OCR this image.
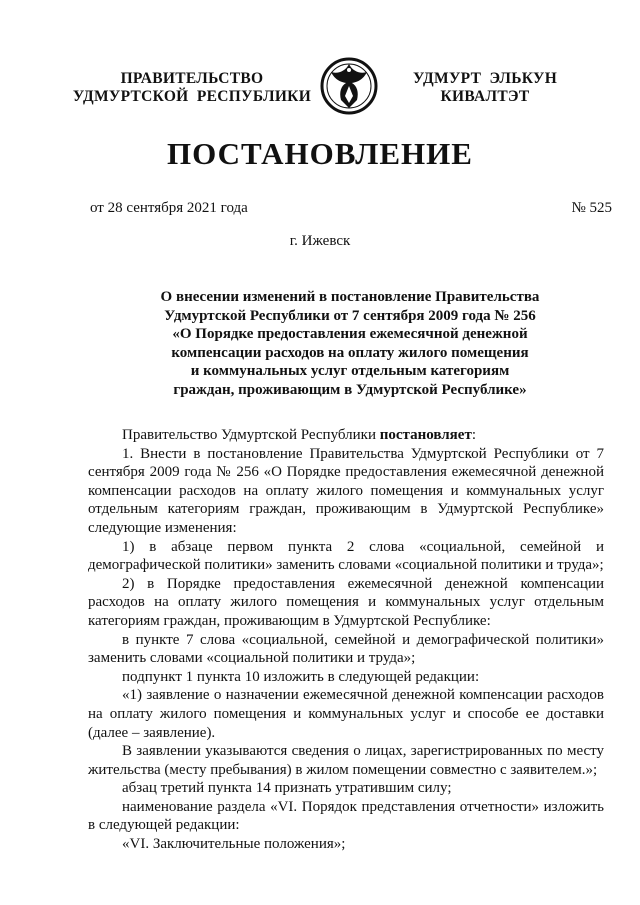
ПРАВИТЕЛЬСТВО
УДМУРТСКОЙ  РЕСПУБЛИКИ
УДМУРТ  ЭЛЬКУН
КИВАЛТЭТ
ПОСТАНОВЛЕНИЕ
от 28 сентября 2021 года	№ 525
г. Ижевск
О внесении изменений в постановление Правительства
Удмуртской Республики от 7 сентября 2009 года № 256
«О Порядке предоставления ежемесячной денежной
компенсации расходов на оплату жилого помещения
и коммунальных услуг отдельным категориям
граждан, проживающим в Удмуртской Республике»

Правительство Удмуртской Республики постановляет:

1. Внести в постановление Правительства Удмуртской Республики от 7 сентября 2009 года № 256 «О Порядке предоставления ежемесячной денежной компенсации расходов на оплату жилого помещения и коммунальных услуг отдельным категориям граждан, проживающим в Удмуртской Республике» следующие изменения:

1) в абзаце первом пункта 2 слова «социальной, семейной и демографической политики» заменить словами «социальной политики и труда»;

2) в Порядке предоставления ежемесячной денежной компенсации расходов на оплату жилого помещения и коммунальных услуг отдельным категориям граждан, проживающим в Удмуртской Республике:

в пункте 7 слова «социальной, семейной и демографической политики» заменить словами «социальной политики и труда»;

подпункт 1 пункта 10 изложить в следующей редакции:

«1) заявление о назначении ежемесячной денежной компенсации расходов на оплату жилого помещения и коммунальных услуг и способе ее доставки (далее – заявление).

В заявлении указываются сведения о лицах, зарегистрированных по месту жительства (месту пребывания) в жилом помещении совместно с заявителем.»;

абзац третий пункта 14 признать утратившим силу;

наименование раздела «VI. Порядок представления отчетности» изложить в следующей редакции:

«VI. Заключительные положения»;
